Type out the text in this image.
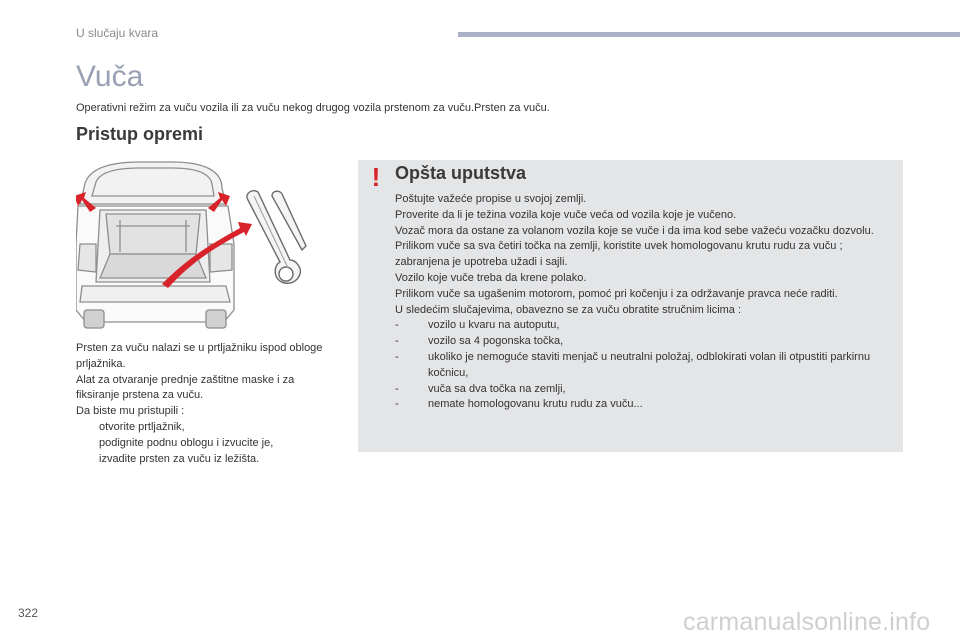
U slučaju kvara
Vuča
Operativni režim za vuču vozila ili za vuču nekog drugog vozila prstenom za vuču.Prsten za vuču.
Pristup opremi

Prsten za vuču nalazi se u prtljažniku ispod obloge prljažnika.

Alat za otvaranje prednje zaštitne maske i za fiksiranje prstena za vuču.

Da biste mu pristupili :

otvorite prtljažnik,
podignite podnu oblogu i izvucite je,
izvadite prsten za vuču iz ležišta.
! Opšta uputstva

Poštujte važeće propise u svojoj zemlji.

Proverite da li je težina vozila koje vuče veća od vozila koje je vučeno.

Vozač mora da ostane za volanom vozila koje se vuče i da ima kod sebe važeću vozačku dozvolu.

Prilikom vuče sa sva četiri točka na zemlji, koristite uvek homologovanu krutu rudu za vuču ; zabranjena je upotreba užadi i sajli.

Vozilo koje vuče treba da krene polako.

Prilikom vuče sa ugašenim motorom, pomoć pri kočenju i za održavanje pravca neće raditi.

U sledećim slučajevima, obavezno se za vuču obratite stručnim licima :

-	vozilo u kvaru na autoputu,
-	vozilo sa 4 pogonska točka,
-	ukoliko je nemoguće staviti menjač u neutralni položaj, odblokirati volan ili otpustiti parkirnu kočnicu,
-	vuča sa dva točka na zemlji,
-	nemate homologovanu krutu rudu za vuču...
322	carmanualsonline.info
